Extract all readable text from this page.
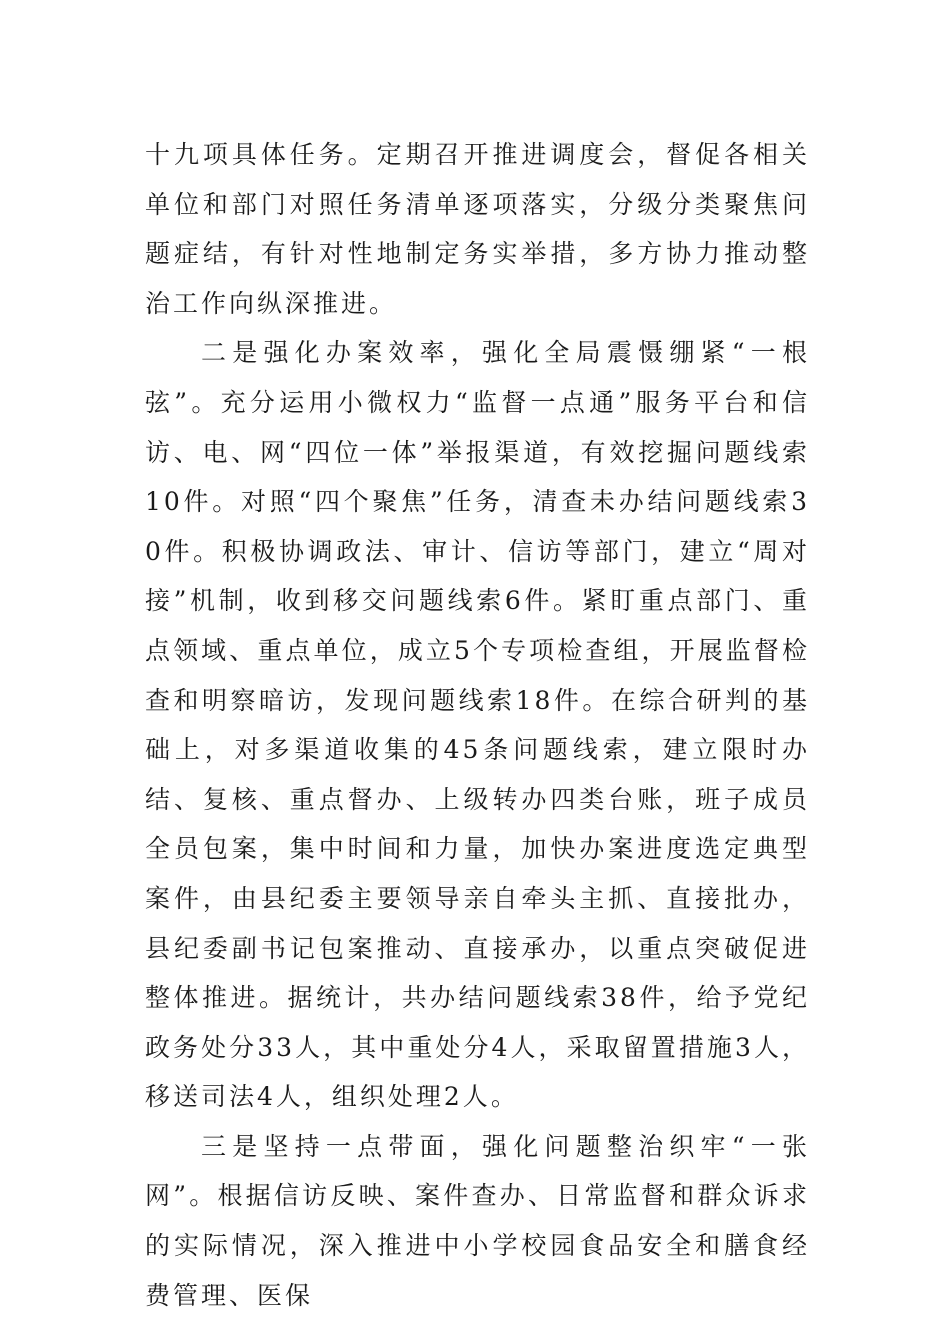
十九项具体任务。定期召开推进调度会，督促各相关单位和部门对照任务清单逐项落实，分级分类聚焦问题症结，有针对性地制定务实举措，多方协力推动整治工作向纵深推进。

二是强化办案效率，强化全局震慑绷紧“一根弦”。充分运用小微权力“监督一点通”服务平台和信访、电、网“四位一体”举报渠道，有效挖掘问题线索10件。对照“四个聚焦”任务，清查未办结问题线索30件。积极协调政法、审计、信访等部门，建立“周对接”机制，收到移交问题线索6件。紧盯重点部门、重点领域、重点单位，成立5个专项检查组，开展监督检查和明察暗访，发现问题线索18件。在综合研判的基础上，对多渠道收集的45条问题线索，建立限时办结、复核、重点督办、上级转办四类台账，班子成员全员包案，集中时间和力量，加快办案进度选定典型案件，由县纪委主要领导亲自牵头主抓、直接批办，县纪委副书记包案推动、直接承办，以重点突破促进整体推进。据统计，共办结问题线索38件，给予党纪政务处分33人，其中重处分4人，采取留置措施3人，移送司法4人，组织处理2人。

三是坚持一点带面，强化问题整治织牢“一张网”。根据信访反映、案件查办、日常监督和群众诉求的实际情况，深入推进中小学校园食品安全和膳食经费管理、医保
